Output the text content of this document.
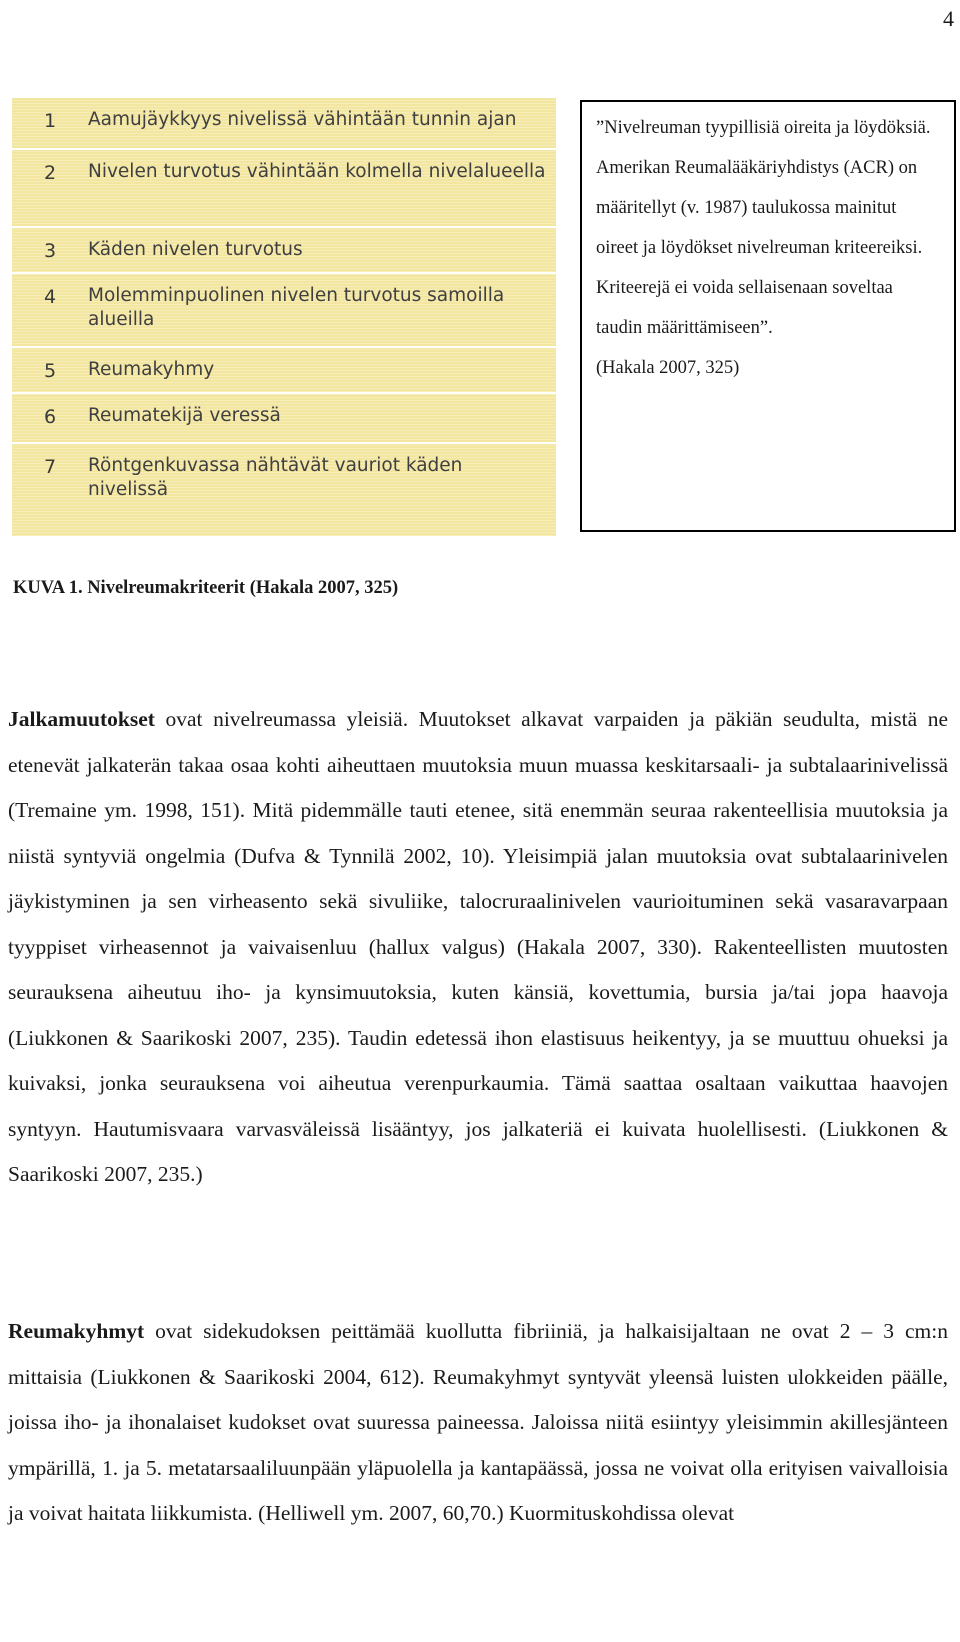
4
1	Aamujäykkyys nivelissä vähintään tunnin ajan
2	Nivelen turvotus vähintään kolmella nivelalueella
3	Käden nivelen turvotus
4	Molemminpuolinen nivelen turvotus samoilla alueilla
5	Reumakyhmy
6	Reumatekijä veressä
7	Röntgenkuvassa nähtävät vauriot käden nivelissä

”Nivelreuman tyypillisiä oireita ja löydöksiä. Amerikan Reumalääkäriyhdistys (ACR) on määritellyt (v. 1987) taulukossa mainitut oireet ja löydökset nivelreuman kriteereiksi. Kriteerejä ei voida sellaisenaan soveltaa taudin määrittämiseen”.

(Hakala 2007, 325)

KUVA 1. Nivelreumakriteerit (Hakala 2007, 325)

Jalkamuutokset ovat nivelreumassa yleisiä. Muutokset alkavat varpaiden ja päkiän seudulta, mistä ne etenevät jalkaterän takaa osaa kohti aiheuttaen muutoksia muun muassa keskitarsaali- ja subtalaarinivelissä (Tremaine ym. 1998, 151). Mitä pidemmälle tauti etenee, sitä enemmän seuraa rakenteellisia muutoksia ja niistä syntyviä ongelmia (Dufva & Tynnilä 2002, 10). Yleisimpiä jalan muutoksia ovat subtalaarinivelen jäykistyminen ja sen virheasento sekä sivuliike, talocruraalinivelen vaurioituminen sekä vasaravarpaan tyyppiset virheasennot ja vaivaisenluu (hallux valgus) (Hakala 2007, 330). Rakenteellisten muutosten seurauksena aiheutuu iho- ja kynsimuutoksia, kuten känsiä, kovettumia, bursia ja/tai jopa haavoja (Liukkonen & Saarikoski 2007, 235). Taudin edetessä ihon elastisuus heikentyy, ja se muuttuu ohueksi ja kuivaksi, jonka seurauksena voi aiheutua verenpurkaumia. Tämä saattaa osaltaan vaikuttaa haavojen syntyyn. Hautumisvaara varvasväleissä lisääntyy, jos jalkateriä ei kuivata huolellisesti. (Liukkonen & Saarikoski 2007, 235.)

Reumakyhmyt ovat sidekudoksen peittämää kuollutta fibriiniä, ja halkaisijaltaan ne ovat 2 – 3 cm:n mittaisia (Liukkonen & Saarikoski 2004, 612). Reumakyhmyt syntyvät yleensä luisten ulokkeiden päälle, joissa iho- ja ihonalaiset kudokset ovat suuressa paineessa. Jaloissa niitä esiintyy yleisimmin akillesjänteen ympärillä, 1. ja 5. metatarsaaliluunpään yläpuolella ja kantapäässä, jossa ne voivat olla erityisen vaivalloisia ja voivat haitata liikkumista. (Helliwell ym. 2007, 60,70.) Kuormituskohdissa olevat
